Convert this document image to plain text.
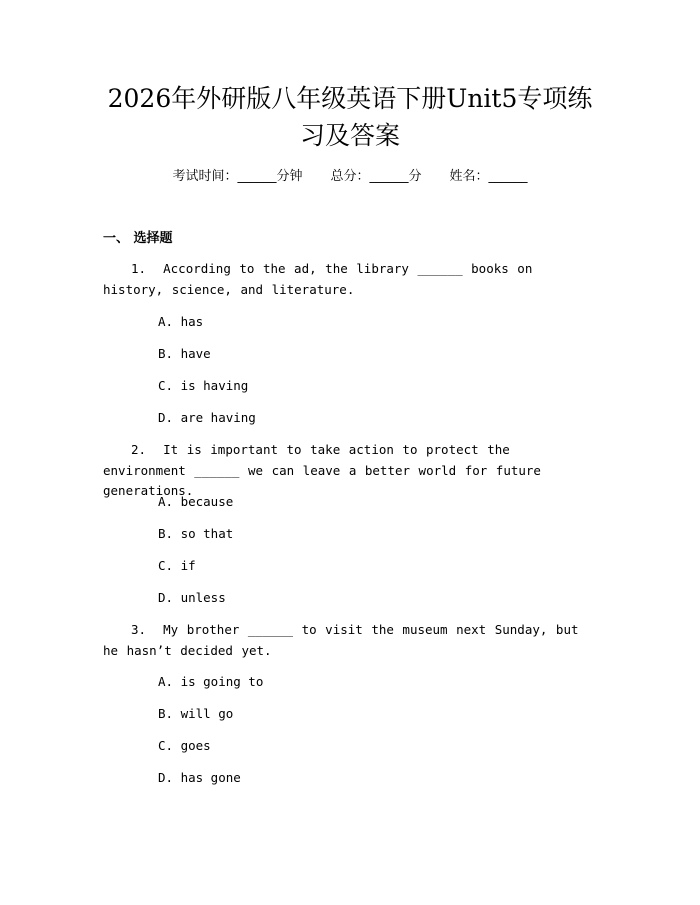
2026年外研版八年级英语下册Unit5专项练
习及答案
考试时间：______分钟 总分：______分 姓名：______
一、 选择题
1. According to the ad, the library ______ books on history, science, and literature.
A. has
B. have
C. is having
D. are having
2. It is important to take action to protect the environment ______ we can leave a better world for future generations.
A. because
B. so that
C. if
D. unless
3. My brother ______ to visit the museum next Sunday, but he hasn’t decided yet.
A. is going to
B. will go
C. goes
D. has gone
